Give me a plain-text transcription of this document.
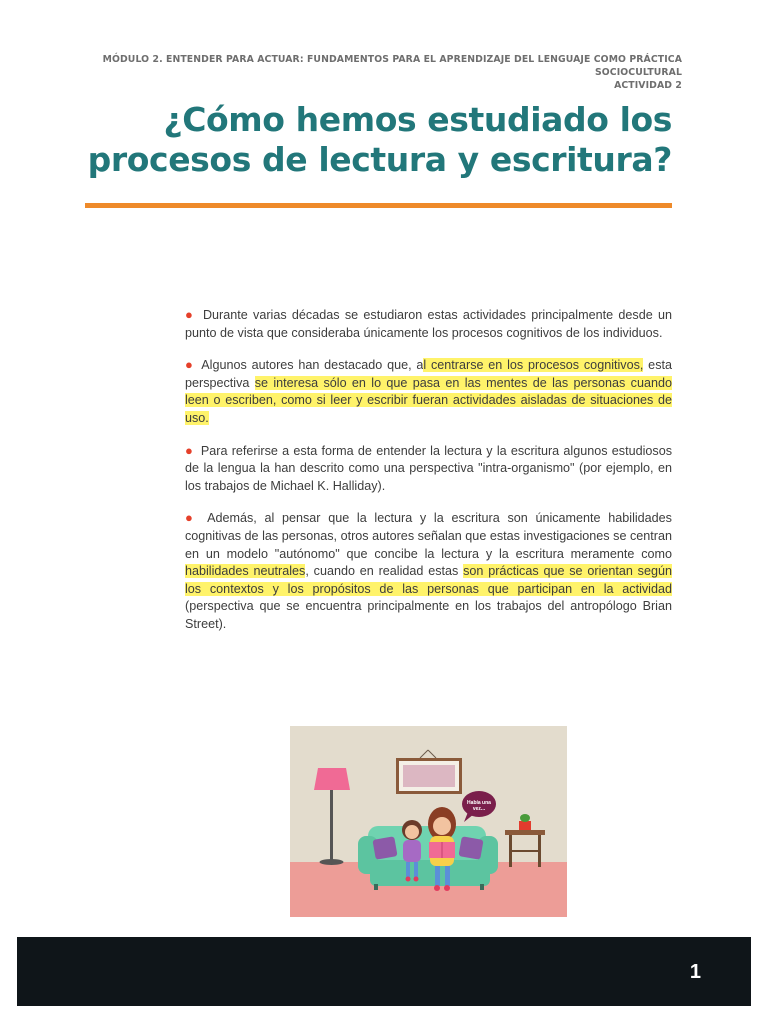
MÓDULO 2. ENTENDER PARA ACTUAR: FUNDAMENTOS PARA EL APRENDIZAJE DEL LENGUAJE COMO PRÁCTICA SOCIOCULTURAL
ACTIVIDAD 2
¿Cómo hemos estudiado los
procesos de lectura y escritura?

● Durante varias décadas se estudiaron estas actividades principalmente desde un punto de vista que consideraba únicamente los procesos cognitivos de los individuos.

● Algunos autores han destacado que, al centrarse en los procesos cognitivos, esta perspectiva se interesa sólo en lo que pasa en las mentes de las personas cuando leen o escriben, como si leer y escribir fueran actividades aisladas de situaciones de uso.

● Para referirse a esta forma de entender la lectura y la escritura algunos estudiosos de la lengua la han descrito como una perspectiva "intra-organismo" (por ejemplo, en los trabajos de Michael K. Halliday).

● Además, al pensar que la lectura y la escritura son únicamente habilidades cognitivas de las personas, otros autores señalan que estas investigaciones se centran en un modelo "autónomo" que concibe la lectura y la escritura meramente como habilidades neutrales, cuando en realidad estas son prácticas que se orientan según los contextos y los propósitos de las personas que participan en la actividad (perspectiva que se encuentra principalmente en los trabajos del antropólogo Brian Street).

Había una vez...
1
